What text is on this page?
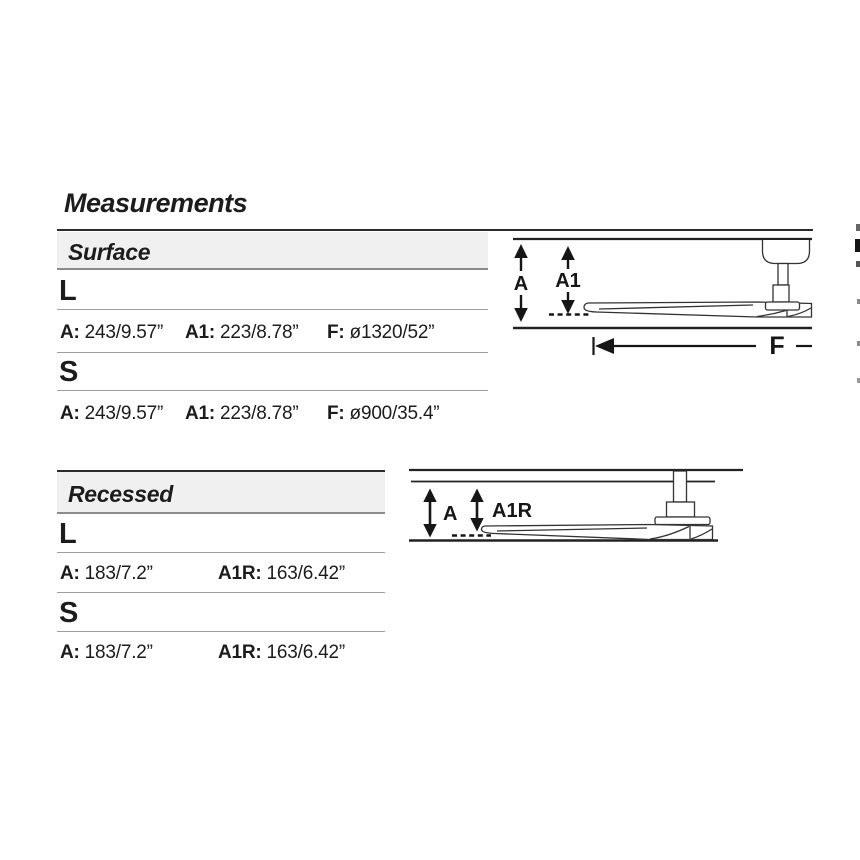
Measurements
Surface
L
A: 243/9.57” A1: 223/8.78” F: ø1320/52”
S
A: 243/9.57” A1: 223/8.78” F: ø900/35.4”
A A1
F
Recessed
L
A: 183/7.2”	A1R: 163/6.42”
S
A: 183/7.2”	A1R: 163/6.42”
A A1R
